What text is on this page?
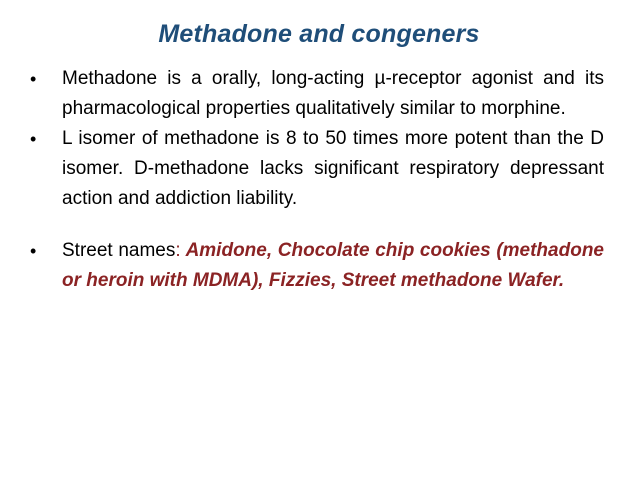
Methadone and congeners
•	Methadone is a orally, long-acting µ-receptor agonist and its pharmacological properties qualitatively similar to morphine.
•	L isomer of methadone is 8 to 50 times more potent than the D isomer. D-methadone lacks significant respiratory depressant action and addiction liability.
•	Street names: Amidone, Chocolate chip cookies (methadone or heroin with MDMA), Fizzies, Street methadone Wafer.
